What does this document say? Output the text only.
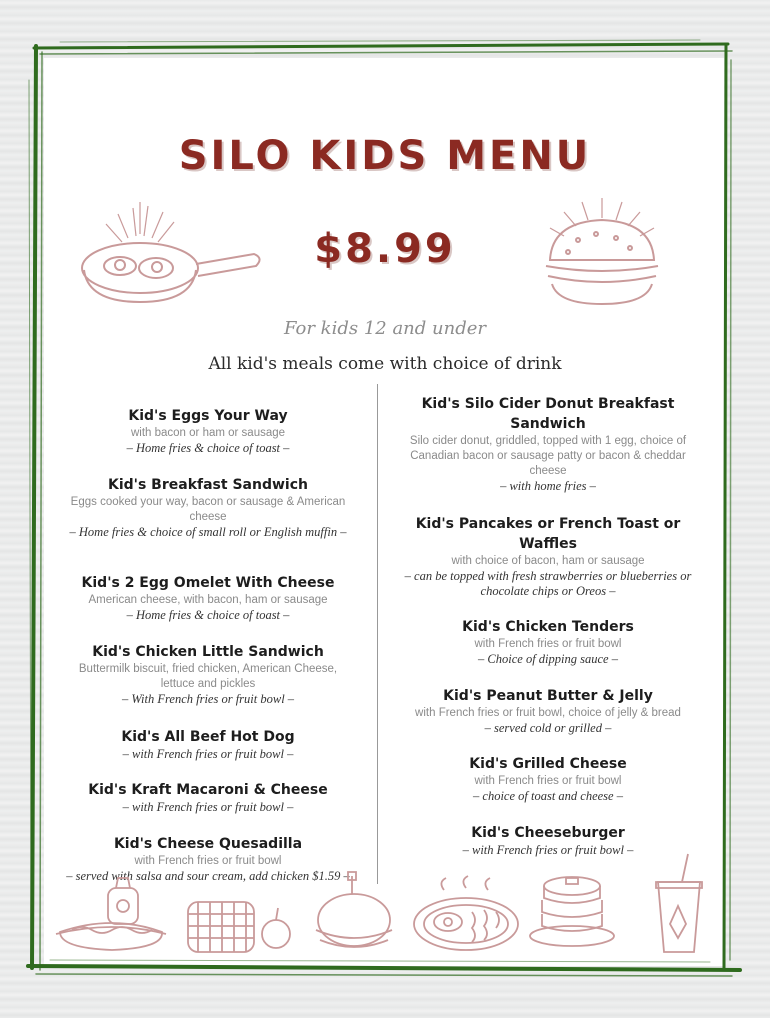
SILO KIDS MENU
$8.99
For kids 12 and under
All kid's meals come with choice of drink
Kid's Eggs Your Way
with bacon or ham or sausage
– Home fries & choice of toast –
Kid's Breakfast Sandwich
Eggs cooked your way, bacon or sausage & American cheese
– Home fries & choice of small roll or English muffin –
Kid's 2 Egg Omelet With Cheese
American cheese, with bacon, ham or sausage
– Home fries & choice of toast –
Kid's Chicken Little Sandwich
Buttermilk biscuit, fried chicken, American Cheese, lettuce and pickles
– With French fries or fruit bowl –
Kid's All Beef Hot Dog
– with French fries or fruit bowl –
Kid's Kraft Macaroni & Cheese
– with French fries or fruit bowl –
Kid's Cheese Quesadilla
with French fries or fruit bowl
– served with salsa and sour cream, add chicken $1.59 –
Kid's Silo Cider Donut Breakfast Sandwich
Silo cider donut, griddled, topped with 1 egg, choice of Canadian bacon or sausage patty or bacon & cheddar cheese
– with home fries –
Kid's Pancakes or French Toast or Waffles
with choice of bacon, ham or sausage
– can be topped with fresh strawberries or blueberries or chocolate chips or Oreos –
Kid's Chicken Tenders
with French fries or fruit bowl
– Choice of dipping sauce –
Kid's Peanut Butter & Jelly
with French fries or fruit bowl, choice of jelly & bread
– served cold or grilled –
Kid's Grilled Cheese
with French fries or fruit bowl
– choice of toast and cheese –
Kid's Cheeseburger
– with French fries or fruit bowl –
